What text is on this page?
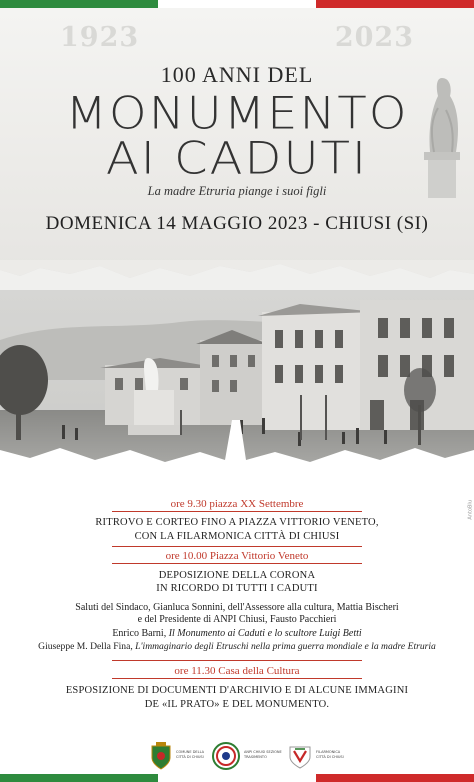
1923	2023
100 ANNI DEL
MONUMENTO
AI CADUTI
La madre Etruria piange i suoi figli
DOMENICA 14 MAGGIO 2023 - CHIUSI (SI)
ore 9.30 piazza XX Settembre
RITROVO E CORTEO FINO A PIAZZA VITTORIO VENETO,
CON LA FILARMONICA CITTÀ DI CHIUSI
ore 10.00 Piazza Vittorio Veneto
DEPOSIZIONE DELLA CORONA
IN RICORDO DI TUTTI I CADUTI
Saluti del Sindaco, Gianluca Sonnini, dell'Assessore alla cultura, Mattia Bischeri
e del Presidente di ANPI Chiusi, Fausto Pacchieri
Enrico Barni, Il Monumento ai Caduti e lo scultore Luigi Betti
Giuseppe M. Della Fina, L'immaginario degli Etruschi nella prima guerra mondiale e la madre Etruria
ore 11.30 Casa della Cultura
ESPOSIZIONE DI DOCUMENTI D'ARCHIVIO E DI ALCUNE IMMAGINI
DE «IL PRATO» E DEL MONUMENTO.
AntoBlu
COMUNE DELLA CITTÀ DI CHIUSI
ANPI CHIUSI SEZIONE TRASIMENTO
FILARMONICA CITTÀ DI CHIUSI
